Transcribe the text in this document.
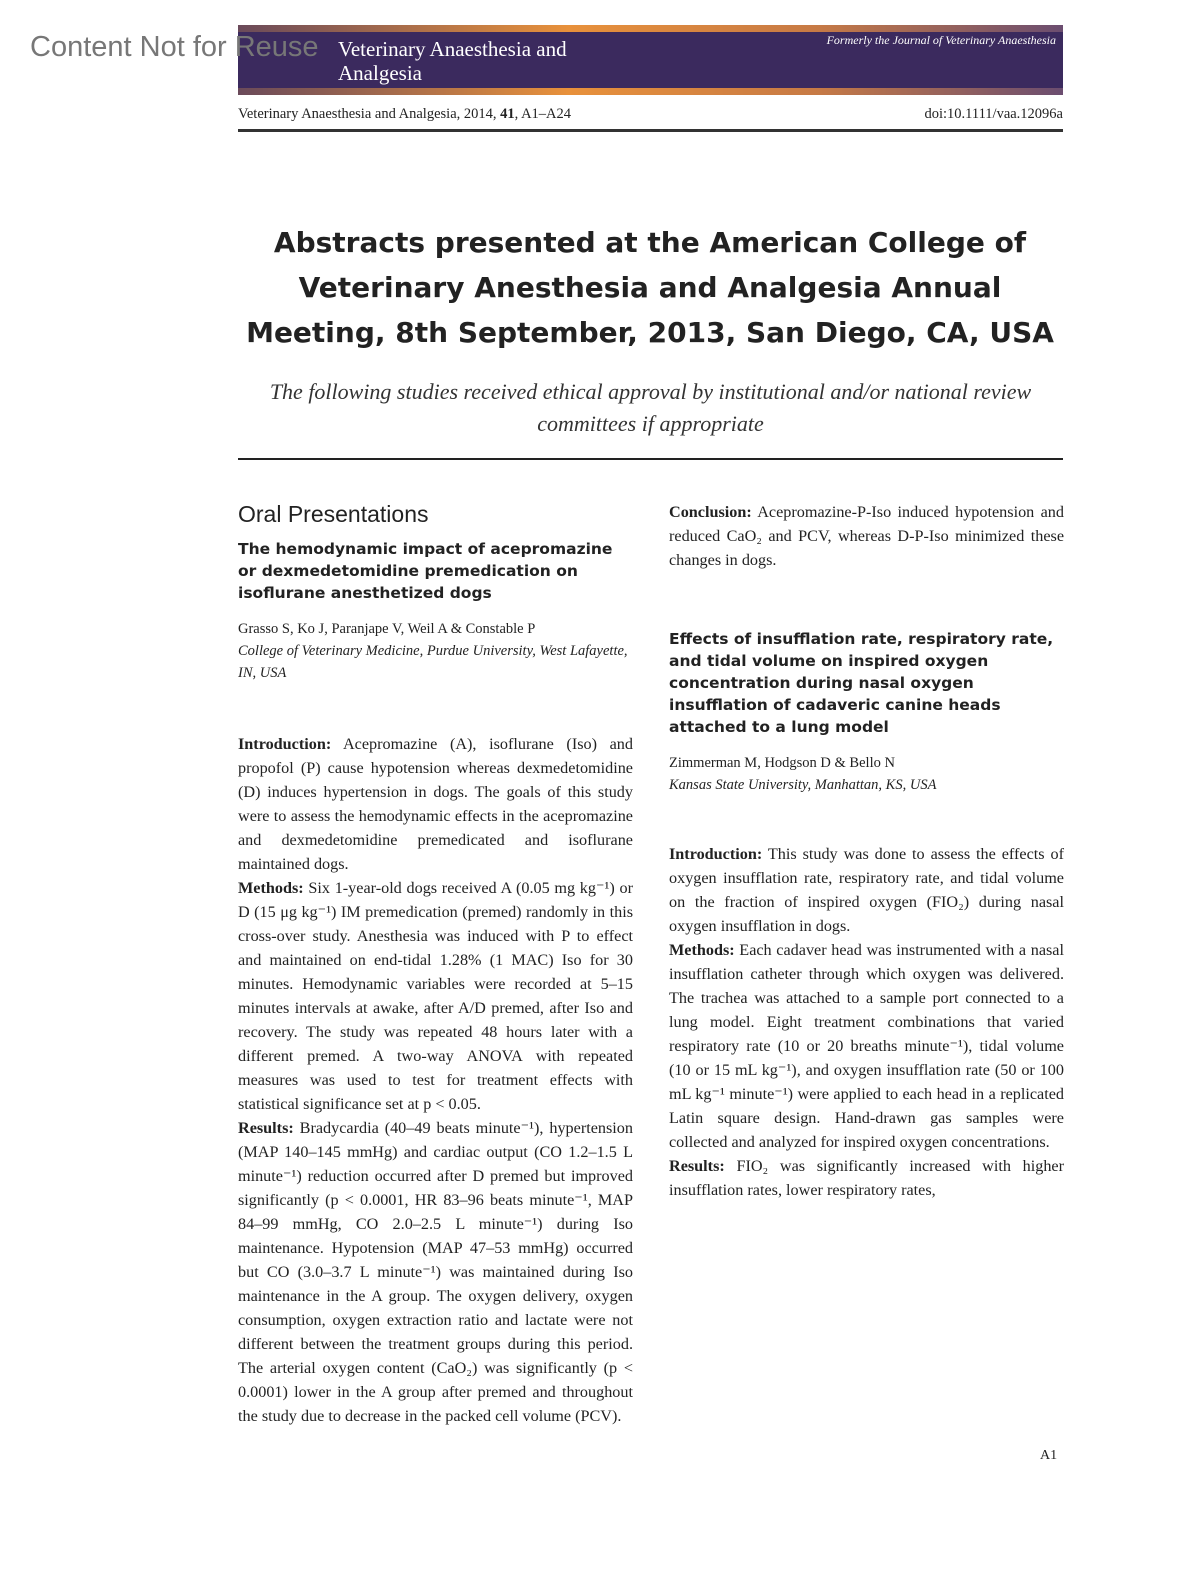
Content Not for Reuse Veterinary Anaesthesia and Analgesia
Formerly the Journal of Veterinary Anaesthesia
Veterinary Anaesthesia and Analgesia, 2014, 41, A1–A24	doi:10.1111/vaa.12096a
Abstracts presented at the American College of Veterinary Anesthesia and Analgesia Annual Meeting, 8th September, 2013, San Diego, CA, USA
The following studies received ethical approval by institutional and/or national review committees if appropriate
Oral Presentations
The hemodynamic impact of acepromazine or dexmedetomidine premedication on isoflurane anesthetized dogs
Grasso S, Ko J, Paranjape V, Weil A & Constable P
College of Veterinary Medicine, Purdue University, West Lafayette, IN, USA

Introduction: Acepromazine (A), isoflurane (Iso) and propofol (P) cause hypotension whereas dexmedetomidine (D) induces hypertension in dogs. The goals of this study were to assess the hemodynamic effects in the acepromazine and dexmedetomidine premedicated and isoflurane maintained dogs.

Methods: Six 1-year-old dogs received A (0.05 mg kg⁻¹) or D (15 μg kg⁻¹) IM premedication (premed) randomly in this cross-over study. Anesthesia was induced with P to effect and maintained on end-tidal 1.28% (1 MAC) Iso for 30 minutes. Hemodynamic variables were recorded at 5–15 minutes intervals at awake, after A/D premed, after Iso and recovery. The study was repeated 48 hours later with a different premed. A two-way ANOVA with repeated measures was used to test for treatment effects with statistical significance set at p < 0.05.

Results: Bradycardia (40–49 beats minute⁻¹), hypertension (MAP 140–145 mmHg) and cardiac output (CO 1.2–1.5 L minute⁻¹) reduction occurred after D premed but improved significantly (p < 0.0001, HR 83–96 beats minute⁻¹, MAP 84–99 mmHg, CO 2.0–2.5 L minute⁻¹) during Iso maintenance. Hypotension (MAP 47–53 mmHg) occurred but CO (3.0–3.7 L minute⁻¹) was maintained during Iso maintenance in the A group. The oxygen delivery, oxygen consumption, oxygen extraction ratio and lactate were not different between the treatment groups during this period. The arterial oxygen content (CaO₂) was significantly (p < 0.0001) lower in the A group after premed and throughout the study due to decrease in the packed cell volume (PCV).

Conclusion: Acepromazine-P-Iso induced hypotension and reduced CaO₂ and PCV, whereas D-P-Iso minimized these changes in dogs.

Effects of insufflation rate, respiratory rate, and tidal volume on inspired oxygen concentration during nasal oxygen insufflation of cadaveric canine heads attached to a lung model
Zimmerman M, Hodgson D & Bello N
Kansas State University, Manhattan, KS, USA

Introduction: This study was done to assess the effects of oxygen insufflation rate, respiratory rate, and tidal volume on the fraction of inspired oxygen (FIO₂) during nasal oxygen insufflation in dogs.

Methods: Each cadaver head was instrumented with a nasal insufflation catheter through which oxygen was delivered. The trachea was attached to a sample port connected to a lung model. Eight treatment combinations that varied respiratory rate (10 or 20 breaths minute⁻¹), tidal volume (10 or 15 mL kg⁻¹), and oxygen insufflation rate (50 or 100 mL kg⁻¹ minute⁻¹) were applied to each head in a replicated Latin square design. Hand-drawn gas samples were collected and analyzed for inspired oxygen concentrations.

Results: FIO₂ was significantly increased with higher insufflation rates, lower respiratory rates,

A1
